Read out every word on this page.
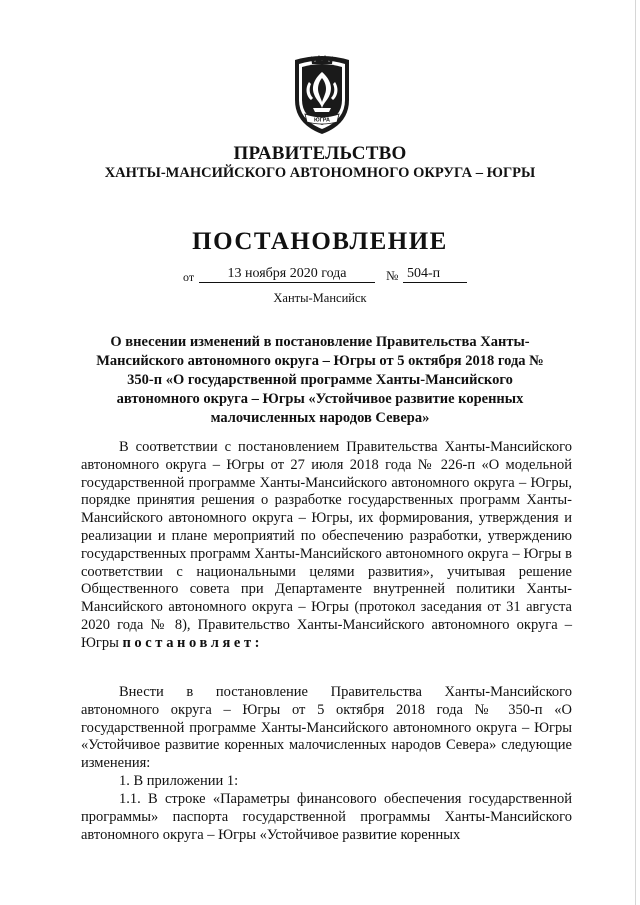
ЮГРА
ПРАВИТЕЛЬСТВО
ХАНТЫ-МАНСИЙСКОГО АВТОНОМНОГО ОКРУГА – ЮГРЫ
ПОСТАНОВЛЕНИЕ
от	13 ноября 2020 года	№ 504-п
Ханты-Мансийск
О внесении изменений в постановление Правительства Ханты-Мансийского автономного округа – Югры от 5 октября 2018 года № 350-п «О государственной программе Ханты-Мансийского автономного округа – Югры «Устойчивое развитие коренных малочисленных народов Севера»
В соответствии с постановлением Правительства Ханты-Мансийского автономного округа – Югры от 27 июля 2018 года № 226-п «О модельной государственной программе Ханты-Мансийского автономного округа – Югры, порядке принятия решения о разработке государственных программ Ханты-Мансийского автономного округа – Югры, их формирования, утверждения и реализации и плане мероприятий по обеспечению разработки, утверждению государственных программ Ханты-Мансийского автономного округа – Югры в соответствии с национальными целями развития», учитывая решение Общественного совета при Департаменте внутренней политики Ханты-Мансийского автономного округа – Югры (протокол заседания от 31 августа 2020 года № 8), Правительство Ханты-Мансийского автономного округа – Югры постановляет:
Внести в постановление Правительства Ханты-Мансийского автономного округа – Югры от 5 октября 2018 года № 350-п «О государственной программе Ханты-Мансийского автономного округа – Югры «Устойчивое развитие коренных малочисленных народов Севера» следующие изменения:
1. В приложении 1:
1.1. В строке «Параметры финансового обеспечения государственной программы» паспорта государственной программы Ханты-Мансийского автономного округа – Югры «Устойчивое развитие коренных
